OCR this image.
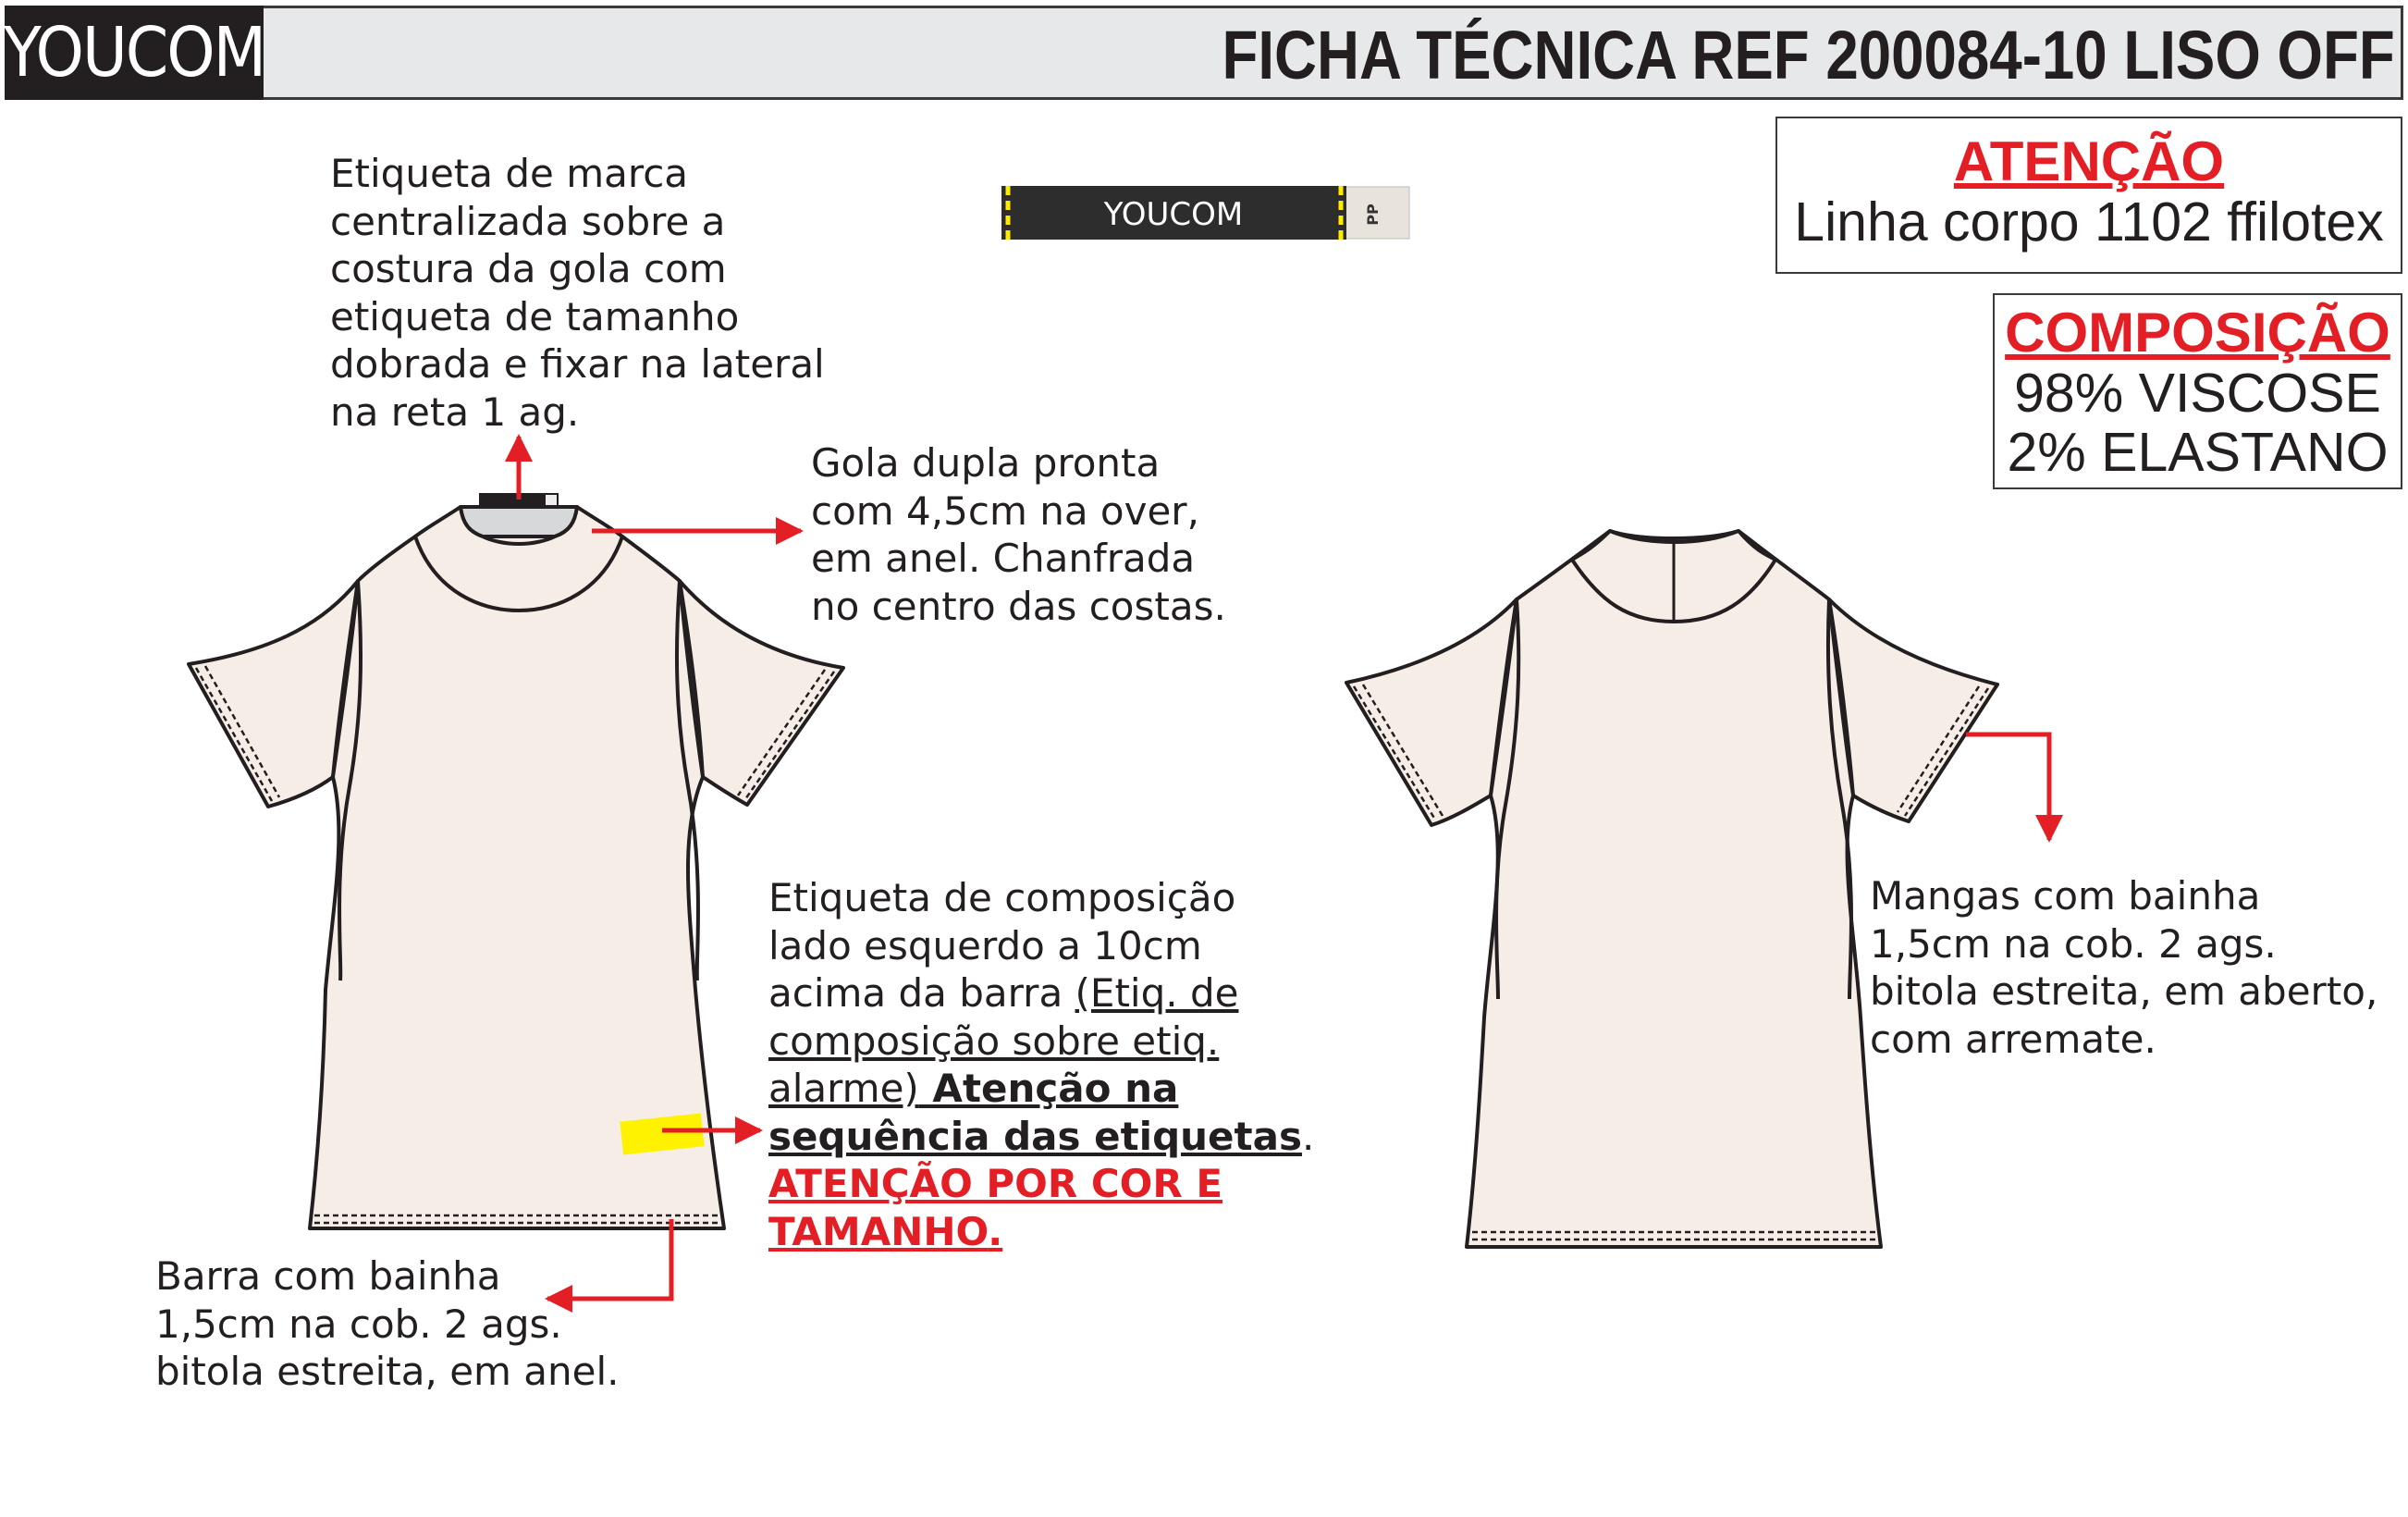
YOUCOM	FICHA TÉCNICA REF 200084-10 LISO OFF
ATENÇÃO
Linha corpo 1102 ffilotex
COMPOSIÇÃO
98% VISCOSE
2% ELASTANO
YOUCOM	PP

Etiqueta de marca

centralizada sobre a

costura da gola com

etiqueta de tamanho

dobrada e fixar na lateral

na reta 1 ag.

Gola dupla pronta

com 4,5cm na over,

em anel. Chanfrada

no centro das costas.

Etiqueta de composição

lado esquerdo a 10cm

acima da barra (Etiq. de

composição sobre etiq.

alarme) Atenção na

sequência das etiquetas.

ATENÇÃO POR COR E

TAMANHO.

Barra com bainha

1,5cm na cob. 2 ags.

bitola estreita, em anel.

Mangas com bainha

1,5cm na cob. 2 ags.

bitola estreita, em aberto,

com arremate.
